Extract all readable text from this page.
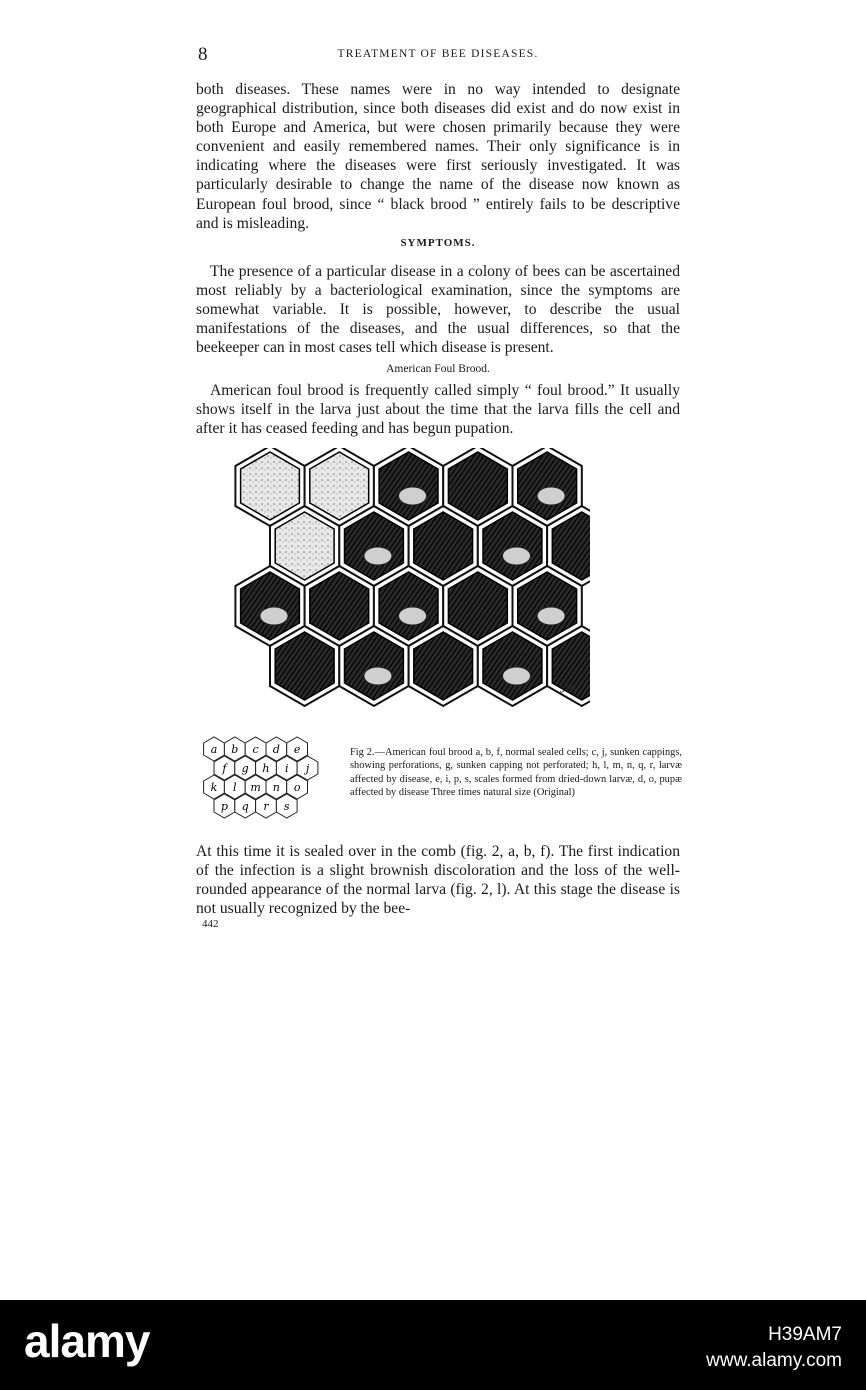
8	TREATMENT OF BEE DISEASES.

both diseases. These names were in no way intended to designate geographical distribution, since both diseases did exist and do now exist in both Europe and America, but were chosen primarily because they were convenient and easily remembered names. Their only significance is in indicating where the diseases were first seriously investigated. It was particularly desirable to change the name of the disease now known as European foul brood, since “ black brood ” entirely fails to be descriptive and is misleading.

SYMPTOMS.

The presence of a particular disease in a colony of bees can be ascertained most reliably by a bacteriological examination, since the symptoms are somewhat variable. It is possible, however, to describe the usual manifestations of the diseases, and the usual differences, so that the beekeeper can in most cases tell which disease is present.

American Foul Brood.

American foul brood is frequently called simply “ foul brood.” It usually shows itself in the larva just about the time that the larva fills the cell and after it has ceased feeding and has begun pupation.

Jdr
a b c d e
f g h i j
k l m n o
p q r s
Fig 2.—American foul brood a, b, f, normal sealed cells; c, j, sunken cappings, showing perforations, g, sunken capping not perforated; h, l, m, n, q, r, larvæ affected by disease, e, i, p, s, scales formed from dried-down larvæ, d, o, pupæ affected by disease Three times natural size (Original)

At this time it is sealed over in the comb (fig. 2, a, b, f). The first indication of the infection is a slight brownish discoloration and the loss of the well-rounded appearance of the normal larva (fig. 2, l). At this stage the disease is not usually recognized by the bee-

442
alamy	H39AM7
www.alamy.com
